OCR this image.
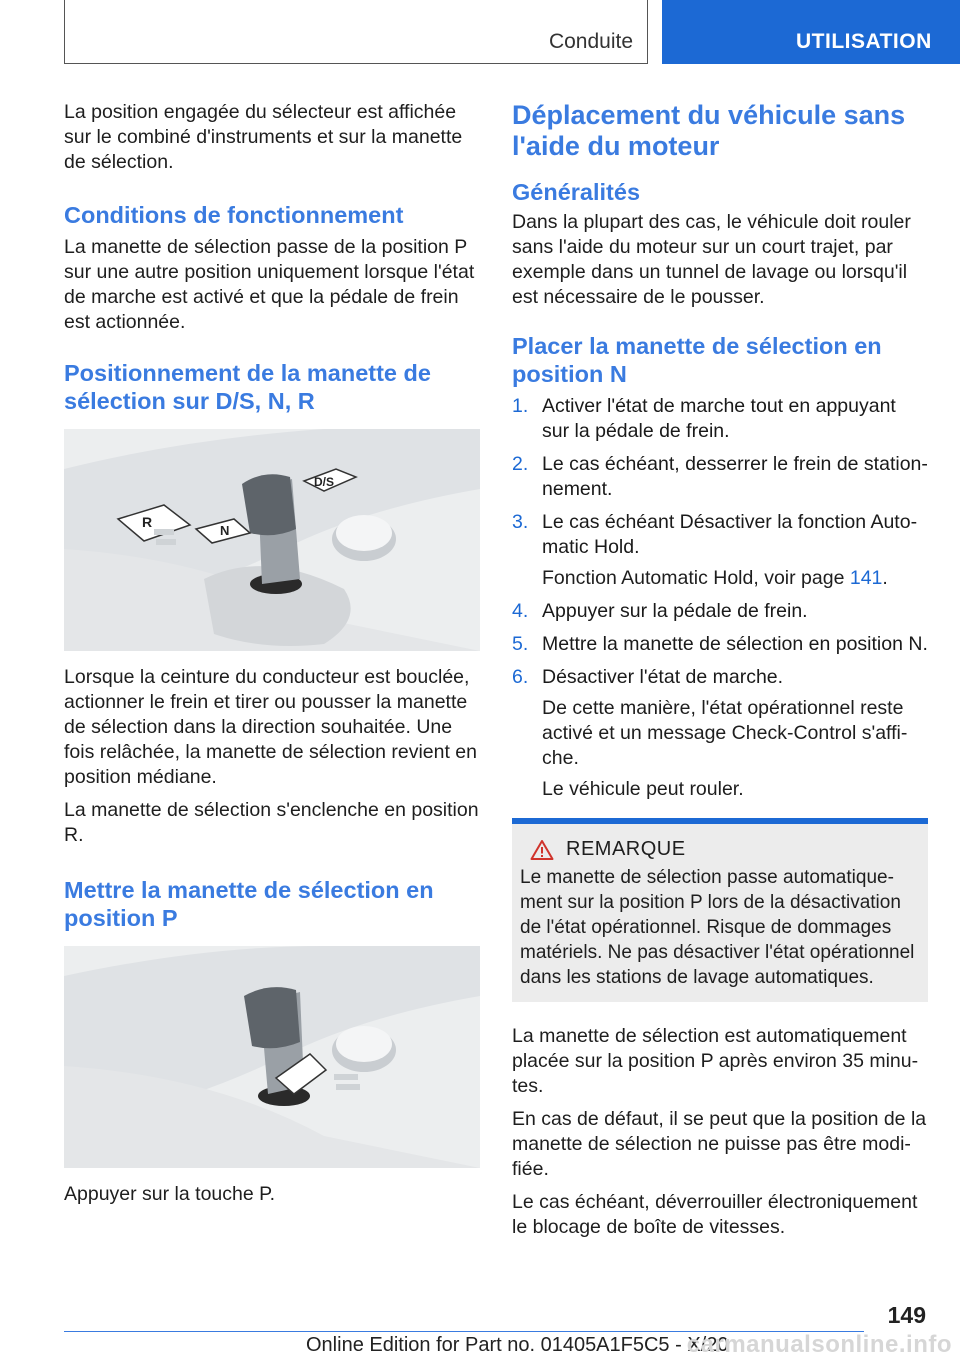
Conduite	UTILISATION

La position engagée du sélecteur est affichée sur le combiné d'instruments et sur la manette de sélection.

Conditions de fonctionnement

La manette de sélection passe de la position P sur une autre position uniquement lorsque l'état de marche est activé et que la pédale de frein est actionnée.

Positionnement de la manette de sélection sur D/S, N, R
R
N
D/S

Lorsque la ceinture du conducteur est bouclée, actionner le frein et tirer ou pousser la manette de sélection dans la direction souhaitée. Une fois relâchée, la manette de sélection revient en position médiane.

La manette de sélection s'enclenche en position R.

Mettre la manette de sélection en position P

Appuyer sur la touche P.

Déplacement du véhicule sans l'aide du moteur
Généralités

Dans la plupart des cas, le véhicule doit rouler sans l'aide du moteur sur un court trajet, par exemple dans un tunnel de lavage ou lorsqu'il est nécessaire de le pousser.

Placer la manette de sélection en position N
1. Activer l'état de marche tout en appuyant sur la pédale de frein.
2. Le cas échéant, desserrer le frein de stationnement.
3. Le cas échéant Désactiver la fonction Automatic Hold.

Fonction Automatic Hold, voir page 141.

4. Appuyer sur la pédale de frein.
5. Mettre la manette de sélection en position N.
6. Désactiver l'état de marche.

De cette manière, l'état opérationnel reste activé et un message Check-Control s'affiche.

Le véhicule peut rouler.

REMARQUE

Le manette de sélection passe automatiquement sur la position P lors de la désactivation de l'état opérationnel. Risque de dommages matériels. Ne pas désactiver l'état opérationnel dans les stations de lavage automatiques.

La manette de sélection est automatiquement placée sur la position P après environ 35 minutes.

En cas de défaut, il se peut que la position de la manette de sélection ne puisse pas être modifiée.

Le cas échéant, déverrouiller électroniquement le blocage de boîte de vitesses.

149
Online Edition for Part no. 01405A1F5C5 - X/20
carmanualsonline.info
